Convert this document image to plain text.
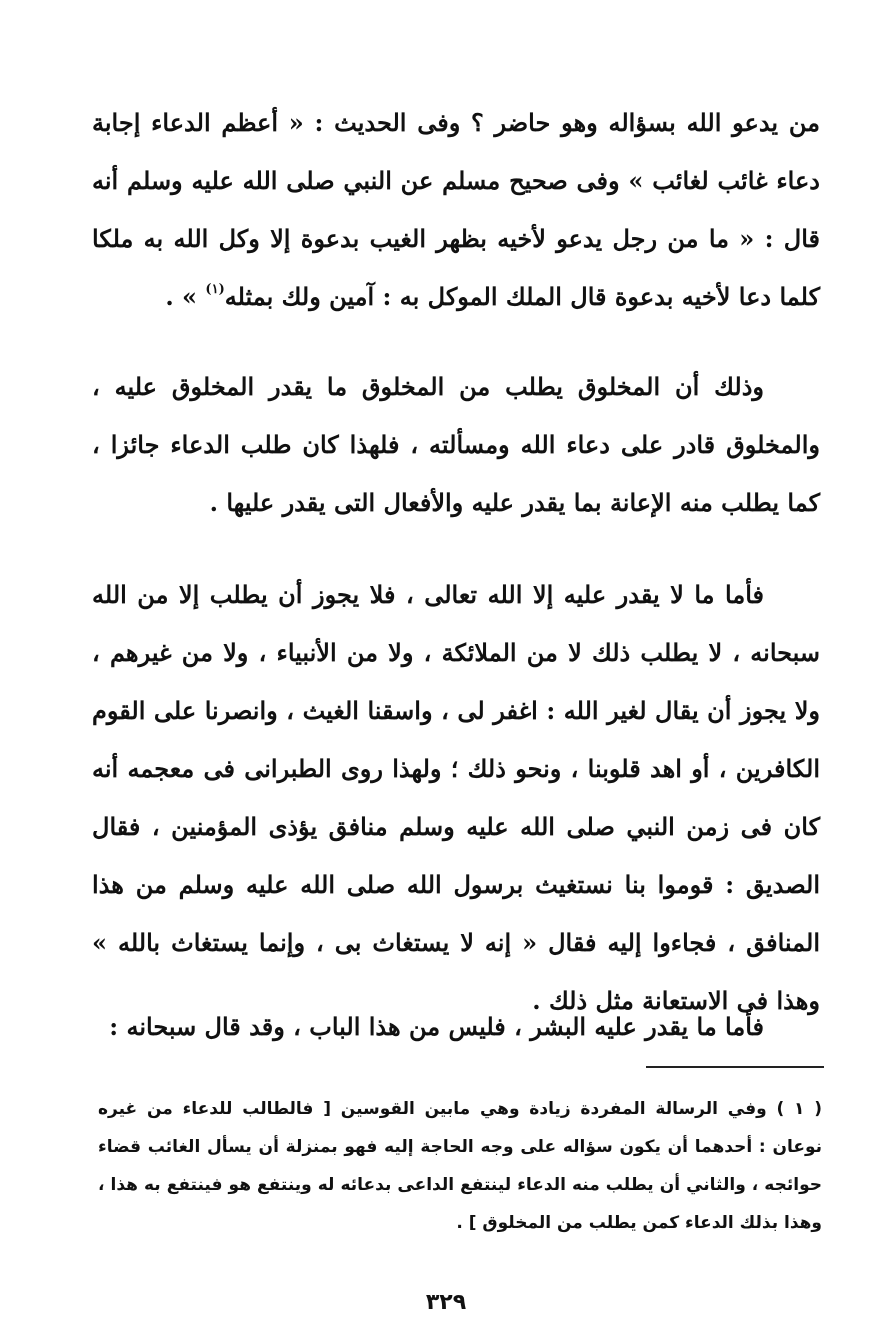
من يدعو الله بسؤاله وهو حاضر ؟ وفى الحديث : « أعظم الدعاء إجابة دعاء غائب لغائب » وفى صحيح مسلم عن النبي صلى الله عليه وسلم أنه قال : « ما من رجل يدعو لأخيه بظهر الغيب بدعوة إلا وكل الله به ملكا كلما دعا لأخيه بدعوة قال الملك الموكل به : آمين ولك بمثله$^{(١)}$ » .

وذلك أن المخلوق يطلب من المخلوق ما يقدر المخلوق عليه ، والمخلوق قادر على دعاء الله ومسألته ، فلهذا كان طلب الدعاء جائزا ، كما يطلب منه الإعانة بما يقدر عليه والأفعال التى يقدر عليها .

فأما ما لا يقدر عليه إلا الله تعالى ، فلا يجوز أن يطلب إلا من الله سبحانه ، لا يطلب ذلك لا من الملائكة ، ولا من الأنبياء ، ولا من غيرهم ، ولا يجوز أن يقال لغير الله : اغفر لى ، واسقنا الغيث ، وانصرنا على القوم الكافرين ، أو اهد قلوبنا ، ونحو ذلك ؛ ولهذا روى الطبرانى فى معجمه أنه كان فى زمن النبي صلى الله عليه وسلم منافق يؤذى المؤمنين ، فقال الصديق : قوموا بنا نستغيث برسول الله صلى الله عليه وسلم من هذا المنافق ، فجاءوا إليه فقال « إنه لا يستغاث بى ، وإنما يستغاث بالله » وهذا فى الاستعانة مثل ذلك .

فأما ما يقدر عليه البشر ، فليس من هذا الباب ، وقد قال سبحانه :

( ١ ) وفي الرسالة المفردة زيادة وهي مابين القوسين [ فالطالب للدعاء من غيره نوعان : أحدهما أن يكون سؤاله على وجه الحاجة إليه فهو بمنزلة أن يسأل الغائب قضاء حوائجه ، والثاني أن يطلب منه الدعاء لينتفع الداعى بدعائه له وينتفع هو فينتفع به هذا ، وهذا بذلك الدعاء كمن يطلب من المخلوق ] .

٣٢٩
